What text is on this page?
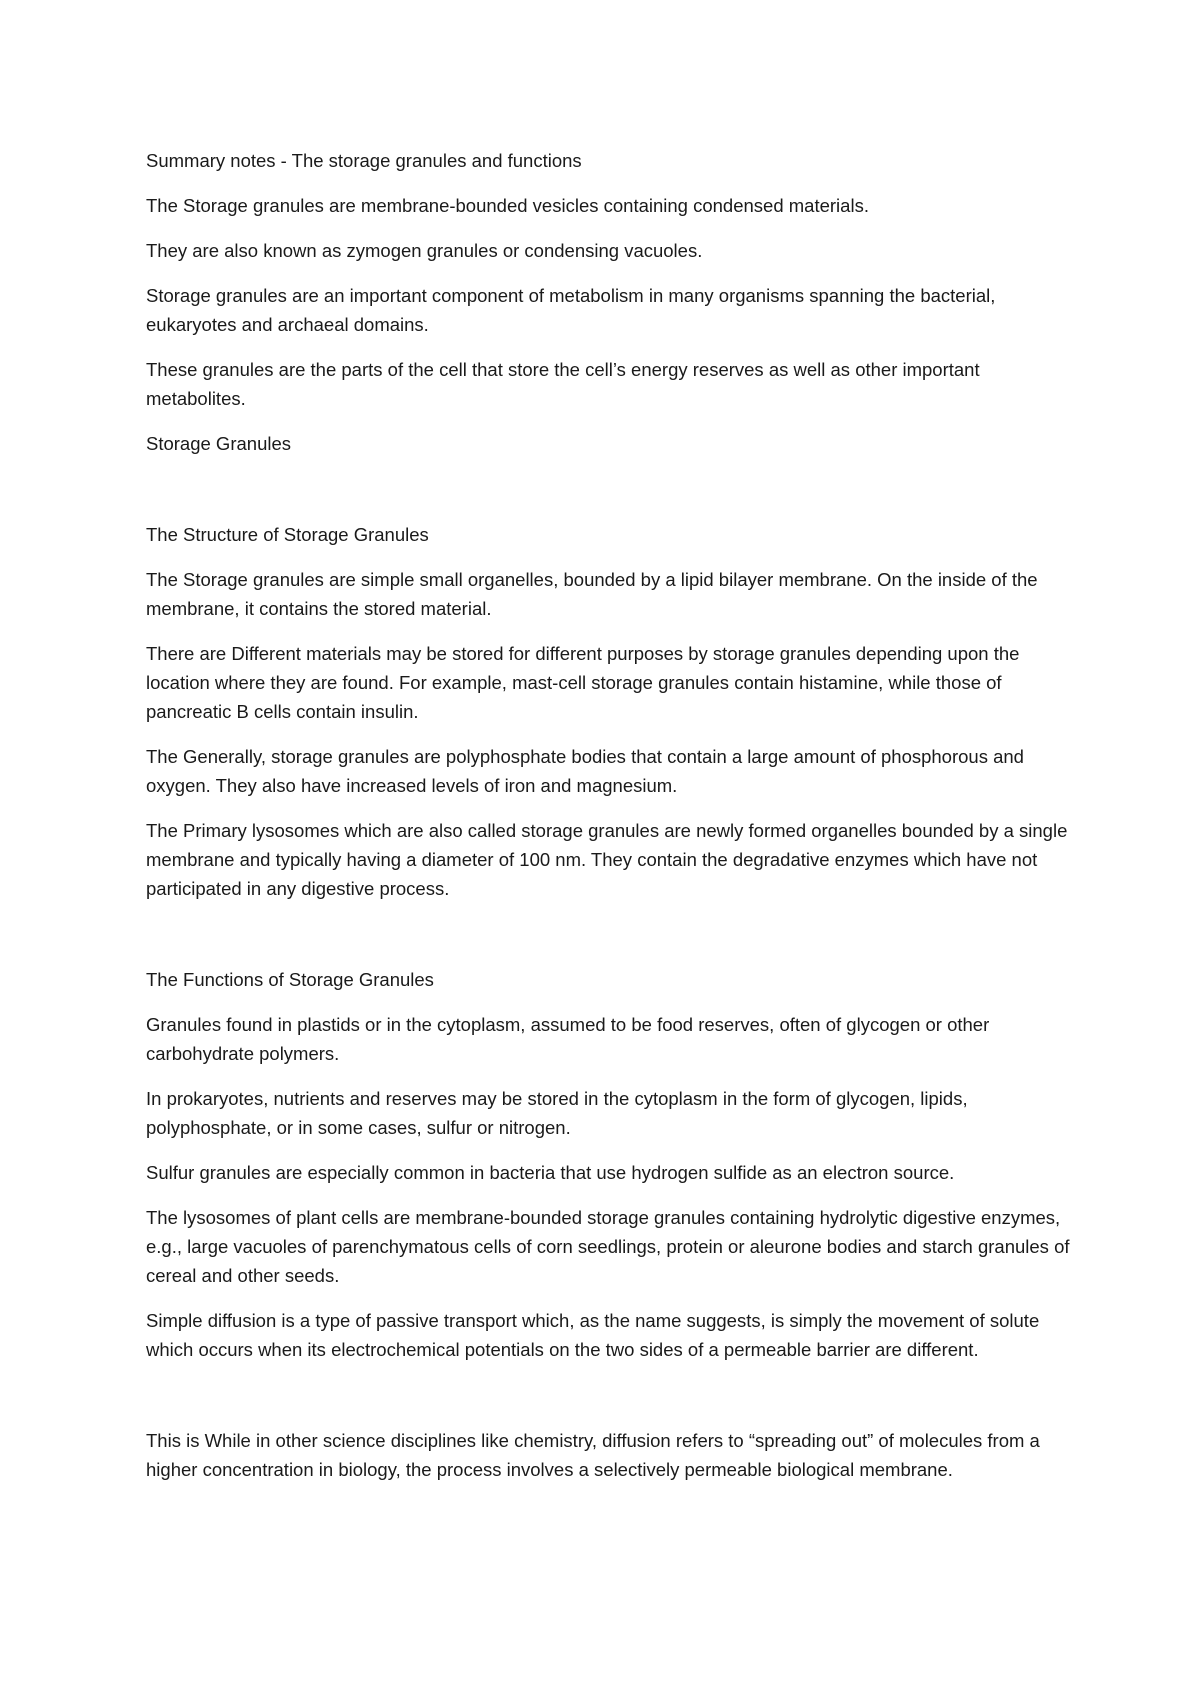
Summary notes - The storage granules and functions

The Storage granules are membrane-bounded vesicles containing condensed materials.

They are also known as zymogen granules or condensing vacuoles.

Storage granules are an important component of metabolism in many organisms spanning the bacterial, eukaryotes and archaeal domains.

These granules are the parts of the cell that store the cell’s energy reserves as well as other important metabolites.

Storage Granules

The Structure of Storage Granules

The Storage granules are simple small organelles, bounded by a lipid bilayer membrane. On the inside of the membrane, it contains the stored material.

There are Different materials may be stored for different purposes by storage granules depending upon the location where they are found. For example, mast-cell storage granules contain histamine, while those of pancreatic B cells contain insulin.

The Generally, storage granules are polyphosphate bodies that contain a large amount of phosphorous and oxygen. They also have increased levels of iron and magnesium.

The Primary lysosomes which are also called storage granules are newly formed organelles bounded by a single membrane and typically having a diameter of 100 nm. They contain the degradative enzymes which have not participated in any digestive process.

The Functions of Storage Granules

Granules found in plastids or in the cytoplasm, assumed to be food reserves, often of glycogen or other carbohydrate polymers.

In prokaryotes, nutrients and reserves may be stored in the cytoplasm in the form of glycogen, lipids, polyphosphate, or in some cases, sulfur or nitrogen.

Sulfur granules are especially common in bacteria that use hydrogen sulfide as an electron source.

The lysosomes of plant cells are membrane-bounded storage granules containing hydrolytic digestive enzymes, e.g., large vacuoles of parenchymatous cells of corn seedlings, protein or aleurone bodies and starch granules of cereal and other seeds.

Simple diffusion is a type of passive transport which, as the name suggests, is simply the movement of solute which occurs when its electrochemical potentials on the two sides of a permeable barrier are different.

This is While in other science disciplines like chemistry, diffusion refers to “spreading out” of molecules from a higher concentration in biology, the process involves a selectively permeable biological membrane.
